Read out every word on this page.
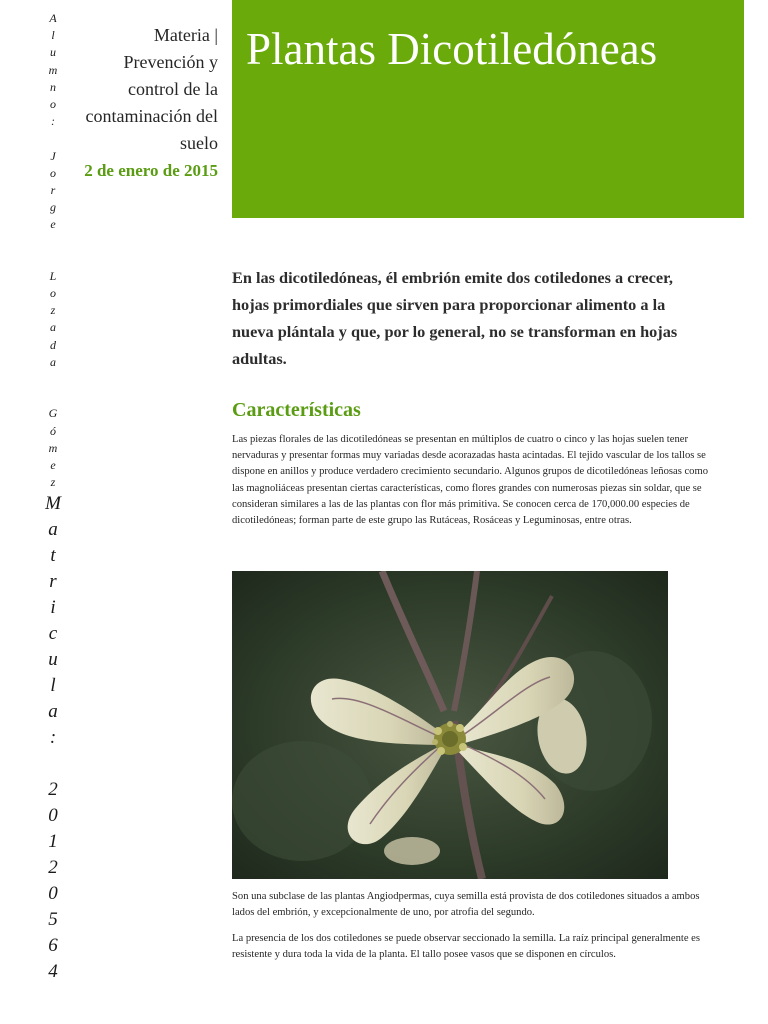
A
l
u
m
n
o
:
J
o
r
g
e
L
o
z
a
d
a
G
ó
m
e
z
M
a
t
r
i
c
u
l
a
:
2
0
1
2
0
5
6
4
Materia |
Prevención y
control de la
contaminación del
suelo
2 de enero de 2015
Plantas Dicotiledóneas

En las dicotiledóneas, él embrión emite dos cotiledones a crecer, hojas primordiales que sirven para proporcionar alimento a la nueva plántala y que, por lo general, no se transforman en hojas adultas.

Características

Las piezas florales de las dicotiledóneas se presentan en múltiplos de cuatro o cinco y las hojas suelen tener nervaduras y presentar formas muy variadas desde acorazadas hasta acintadas. El tejido vascular de los tallos se dispone en anillos y produce verdadero crecimiento secundario. Algunos grupos de dicotiledóneas leñosas como las magnoliáceas presentan ciertas características, como flores grandes con numerosas piezas sin soldar, que se consideran similares a las de las plantas con flor más primitiva. Se conocen cerca de 170,000.00 especies de dicotiledóneas; forman parte de este grupo las Rutáceas, Rosáceas y Leguminosas, entre otras.

Son una subclase de las plantas Angiodpermas, cuya semilla está provista de dos cotiledones situados a ambos lados del embrión, y excepcionalmente de uno, por atrofia del segundo.

La presencia de los dos cotiledones se puede observar seccionado la semilla. La raíz principal generalmente es resistente y dura toda la vida de la planta. El tallo posee vasos que se disponen en círculos.
